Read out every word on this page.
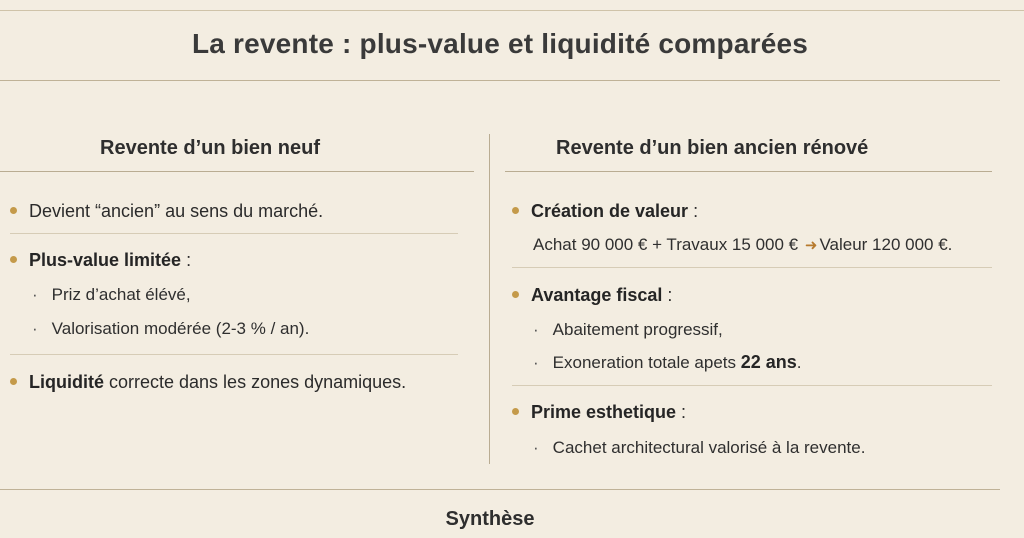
La revente : plus-value et liquidité comparées
Revente d’un bien neuf
Devient “ancien” au sens du marché.
Plus-value limitée :
· Priz d’achat élévé,
· Valorisation modérée (2-3 % / an).
Liquidité correcte dans les zones dynamiques.
Revente d’un bien ancien rénové
Création de valeur :
Achat 90 000 € + Travaux 15 000 € ➜ Valeur 120 000 €.
Avantage fiscal :
· Abaitement progressif,
· Exoneration totale apets 22 ans.
Prime esthetique :
· Cachet architectural valorisé à la revente.
Synthèse
